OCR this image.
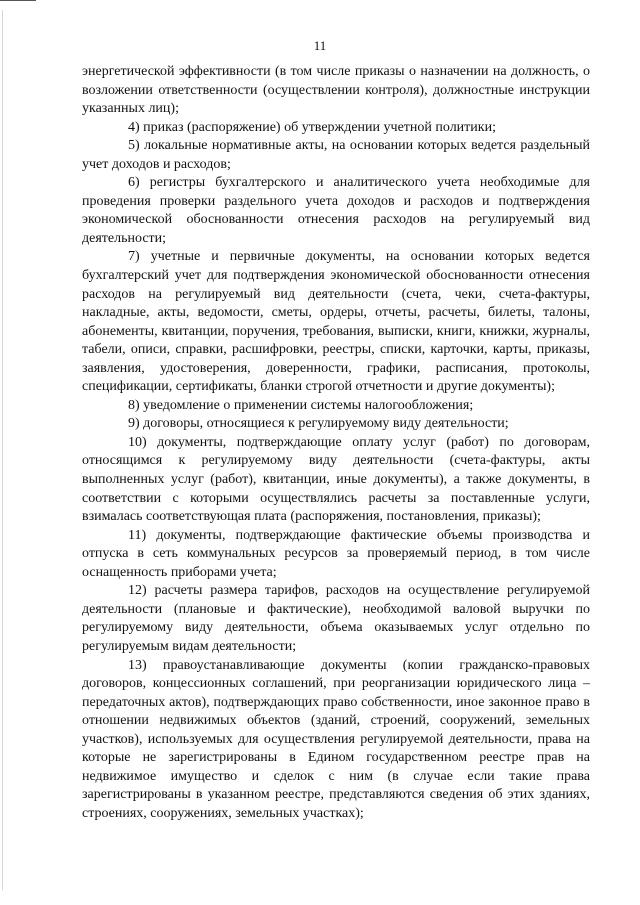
11

энергетической эффективности (в том числе приказы о назначении на должность, о возложении ответственности (осуществлении контроля), должностные инструкции указанных лиц);

4) приказ (распоряжение) об утверждении учетной политики;

5) локальные нормативные акты, на основании которых ведется раздельный учет доходов и расходов;

6) регистры бухгалтерского и аналитического учета необходимые для проведения проверки раздельного учета доходов и расходов и подтверждения экономической обоснованности отнесения расходов на регулируемый вид деятельности;

7) учетные и первичные документы, на основании которых ведется бухгалтерский учет для подтверждения экономической обоснованности отнесения расходов на регулируемый вид деятельности (счета, чеки, счета-фактуры, накладные, акты, ведомости, сметы, ордеры, отчеты, расчеты, билеты, талоны, абонементы, квитанции, поручения, требования, выписки, книги, книжки, журналы, табели, описи, справки, расшифровки, реестры, списки, карточки, карты, приказы, заявления, удостоверения, доверенности, графики, расписания, протоколы, спецификации, сертификаты, бланки строгой отчетности и другие документы);

8) уведомление о применении системы налогообложения;

9) договоры, относящиеся к регулируемому виду деятельности;

10) документы, подтверждающие оплату услуг (работ) по договорам, относящимся к регулируемому виду деятельности (счета-фактуры, акты выполненных услуг (работ), квитанции, иные документы), а также документы, в соответствии с которыми осуществлялись расчеты за поставленные услуги, взималась соответствующая плата (распоряжения, постановления, приказы);

11) документы, подтверждающие фактические объемы производства и отпуска в сеть коммунальных ресурсов за проверяемый период, в том числе оснащенность приборами учета;

12) расчеты размера тарифов, расходов на осуществление регулируемой деятельности (плановые и фактические), необходимой валовой выручки по регулируемому виду деятельности, объема оказываемых услуг отдельно по регулируемым видам деятельности;

13) правоустанавливающие документы (копии гражданско-правовых договоров, концессионных соглашений, при реорганизации юридического лица – передаточных актов), подтверждающих право собственности, иное законное право в отношении недвижимых объектов (зданий, строений, сооружений, земельных участков), используемых для осуществления регулируемой деятельности, права на которые не зарегистрированы в Едином государственном реестре прав на недвижимое имущество и сделок с ним (в случае если такие права зарегистрированы в указанном реестре, представляются сведения об этих зданиях, строениях, сооружениях, земельных участках);
